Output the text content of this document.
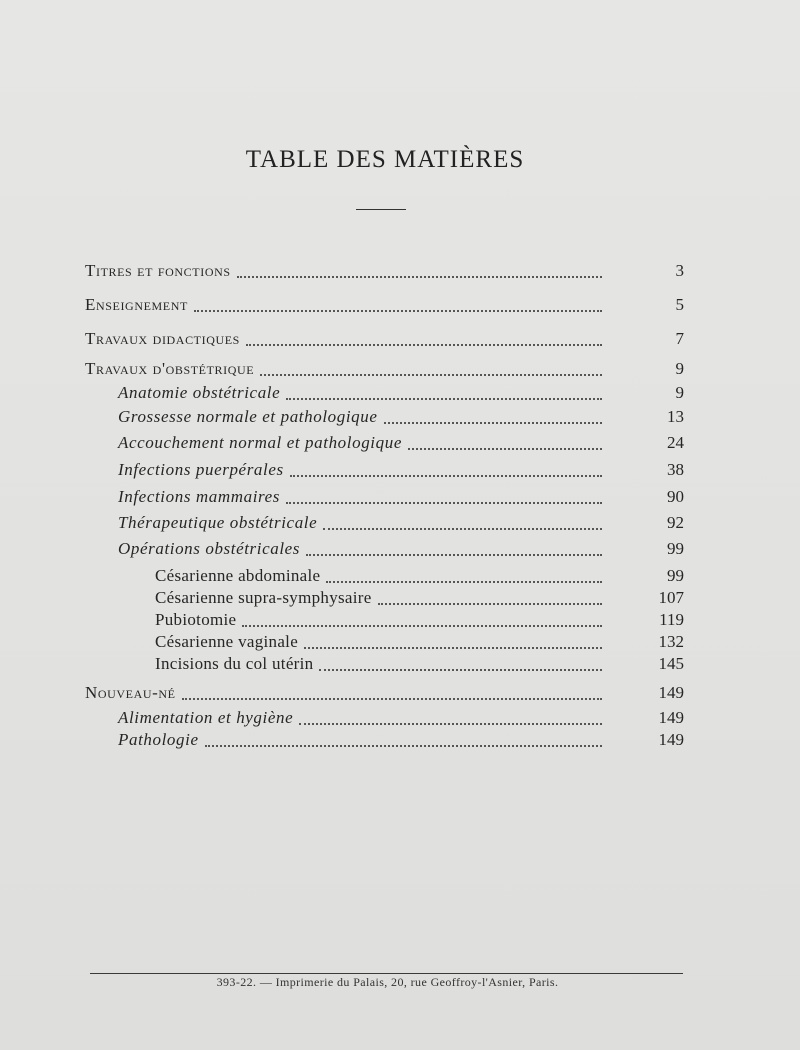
TABLE DES MATIÈRES
Titres et fonctions	3
Enseignement	5
Travaux didactiques	7
Travaux d'obstétrique	9
Anatomie obstétricale	9
Grossesse normale et pathologique	13
Accouchement normal et pathologique	24
Infections puerpérales	38
Infections mammaires	90
Thérapeutique obstétricale	92
Opérations obstétricales	99
Césarienne abdominale	99
Césarienne supra-symphysaire	107
Pubiotomie	119
Césarienne vaginale	132
Incisions du col utérin	145
Nouveau-né	149
Alimentation et hygiène	149
Pathologie	149
393-22. — Imprimerie du Palais, 20, rue Geoffroy-l'Asnier, Paris.
